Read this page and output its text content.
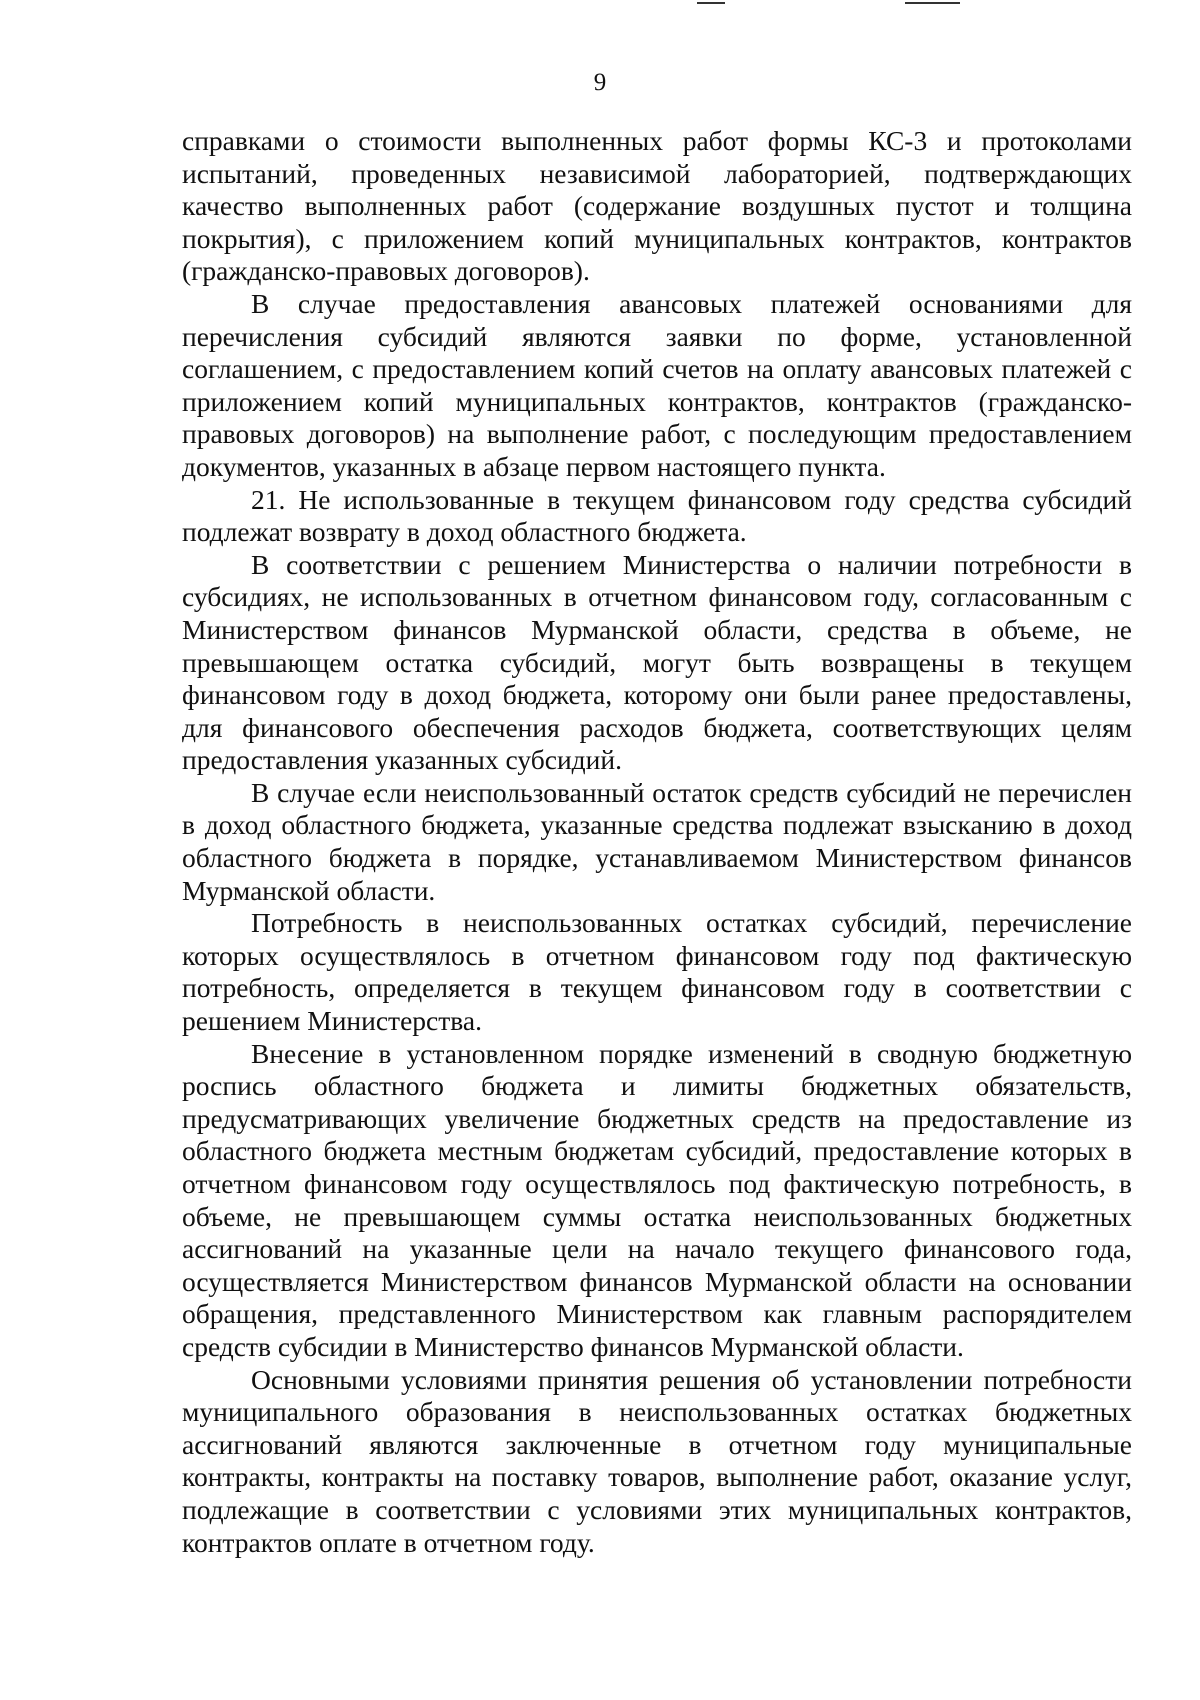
9

справками о стоимости выполненных работ формы КС-3 и протоколами испытаний, проведенных независимой лабораторией, подтверждающих качество выполненных работ (содержание воздушных пустот и толщина покрытия), с приложением копий муниципальных контрактов, контрактов (гражданско-правовых договоров).

В случае предоставления авансовых платежей основаниями для перечисления субсидий являются заявки по форме, установленной соглашением, с предоставлением копий счетов на оплату авансовых платежей с приложением копий муниципальных контрактов, контрактов (гражданско-правовых договоров) на выполнение работ, с последующим предоставлением документов, указанных в абзаце первом настоящего пункта.

21. Не использованные в текущем финансовом году средства субсидий подлежат возврату в доход областного бюджета.

В соответствии с решением Министерства о наличии потребности в субсидиях, не использованных в отчетном финансовом году, согласованным с Министерством финансов Мурманской области, средства в объеме, не превышающем остатка субсидий, могут быть возвращены в текущем финансовом году в доход бюджета, которому они были ранее предоставлены, для финансового обеспечения расходов бюджета, соответствующих целям предоставления указанных субсидий.

В случае если неиспользованный остаток средств субсидий не перечислен в доход областного бюджета, указанные средства подлежат взысканию в доход областного бюджета в порядке, устанавливаемом Министерством финансов Мурманской области.

Потребность в неиспользованных остатках субсидий, перечисление которых осуществлялось в отчетном финансовом году под фактическую потребность, определяется в текущем финансовом году в соответствии с решением Министерства.

Внесение в установленном порядке изменений в сводную бюджетную роспись областного бюджета и лимиты бюджетных обязательств, предусматривающих увеличение бюджетных средств на предоставление из областного бюджета местным бюджетам субсидий, предоставление которых в отчетном финансовом году осуществлялось под фактическую потребность, в объеме, не превышающем суммы остатка неиспользованных бюджетных ассигнований на указанные цели на начало текущего финансового года, осуществляется Министерством финансов Мурманской области на основании обращения, представленного Министерством как главным распорядителем средств субсидии в Министерство финансов Мурманской области.

Основными условиями принятия решения об установлении потребности муниципального образования в неиспользованных остатках бюджетных ассигнований являются заключенные в отчетном году муниципальные контракты, контракты на поставку товаров, выполнение работ, оказание услуг, подлежащие в соответствии с условиями этих муниципальных контрактов, контрактов оплате в отчетном году.
